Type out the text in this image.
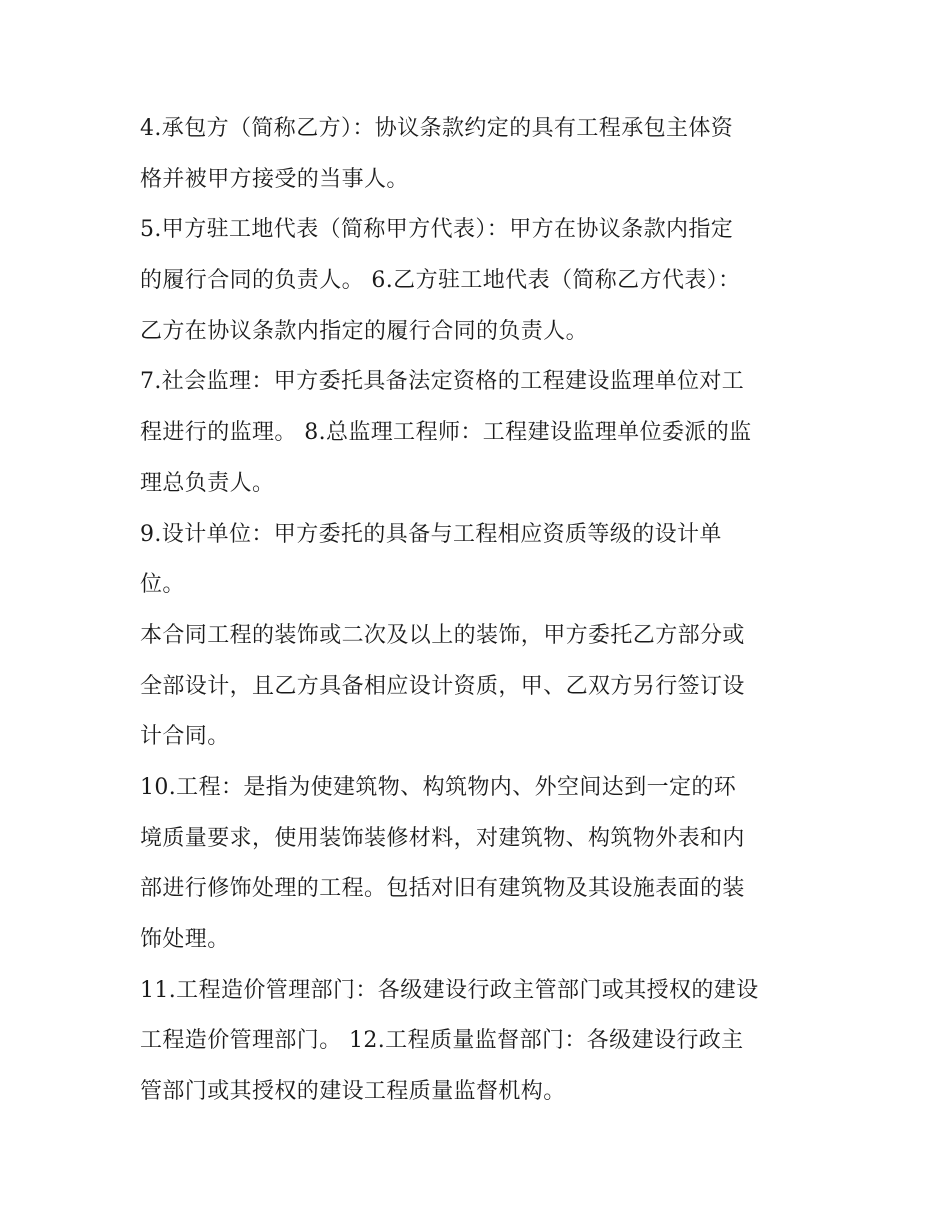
4.承包方（简称乙方）：协议条款约定的具有工程承包主体资
格并被甲方接受的当事人。
5.甲方驻工地代表（简称甲方代表）：甲方在协议条款内指定
的履行合同的负责人。 6.乙方驻工地代表（简称乙方代表）：
乙方在协议条款内指定的履行合同的负责人。
7.社会监理：甲方委托具备法定资格的工程建设监理单位对工
程进行的监理。 8.总监理工程师：工程建设监理单位委派的监
理总负责人。
9.设计单位：甲方委托的具备与工程相应资质等级的设计单
位。
本合同工程的装饰或二次及以上的装饰，甲方委托乙方部分或
全部设计，且乙方具备相应设计资质，甲、乙双方另行签订设
计合同。
10.工程：是指为使建筑物、构筑物内、外空间达到一定的环
境质量要求，使用装饰装修材料，对建筑物、构筑物外表和内
部进行修饰处理的工程。包括对旧有建筑物及其设施表面的装
饰处理。
11.工程造价管理部门：各级建设行政主管部门或其授权的建设
工程造价管理部门。 12.工程质量监督部门：各级建设行政主
管部门或其授权的建设工程质量监督机构。
